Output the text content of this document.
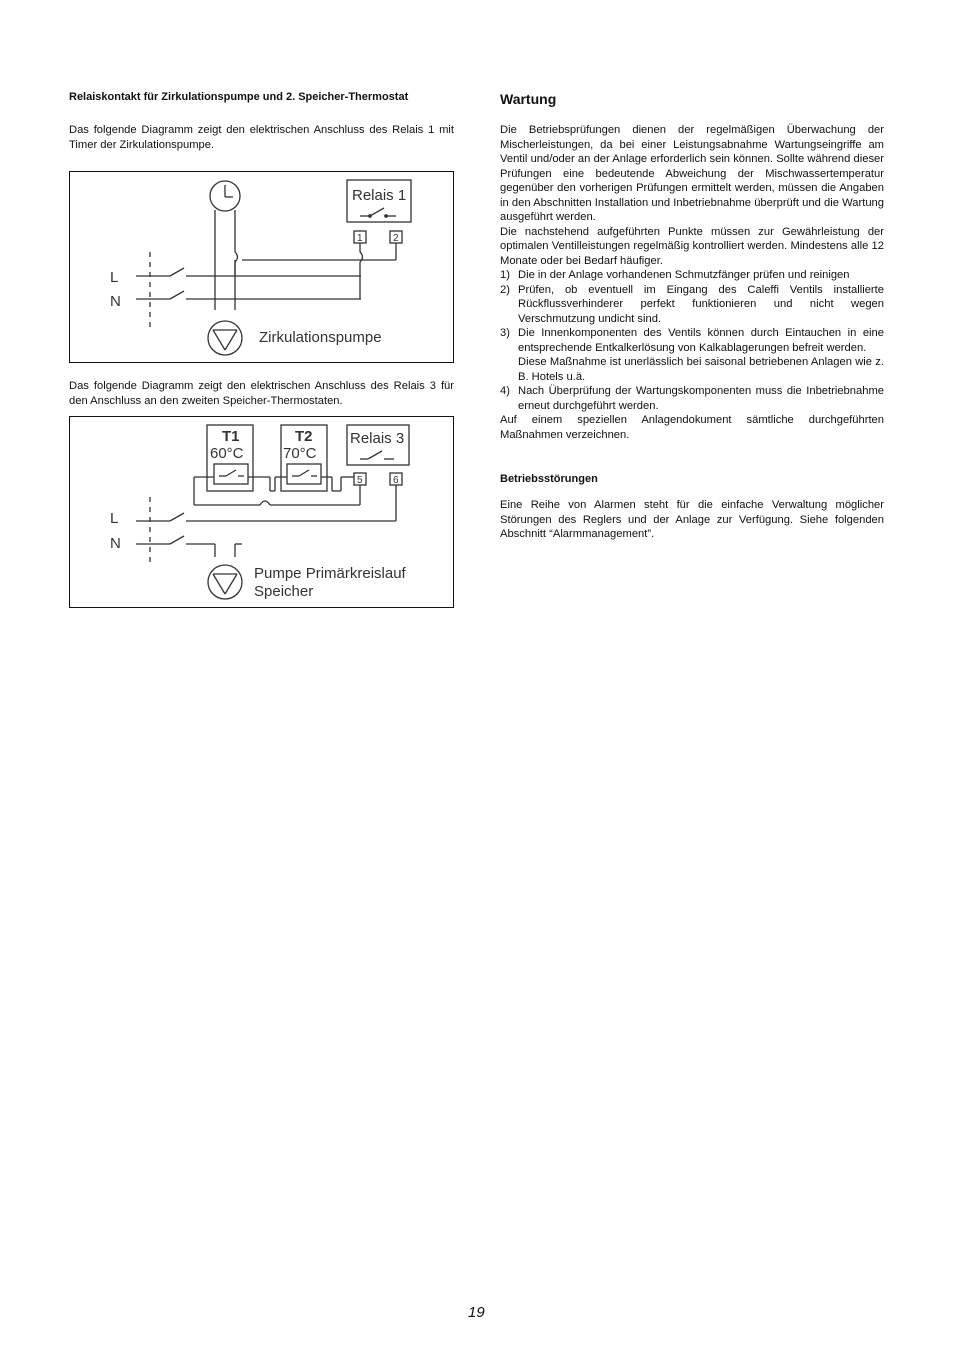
Relaiskontakt für Zirkulationspumpe und 2. Speicher-Thermostat

Das folgende Diagramm zeigt den elektrischen Anschluss des Relais 1 mit Timer der Zirkulationspumpe.

Relais 1
1	2
L
N
Zirkulationspumpe

Das folgende Diagramm zeigt den elektrischen Anschluss des Relais 3 für den Anschluss an den zweiten Speicher-Thermostaten.

T1
60°C
T2
70°C
Relais 3
5	6
L
N
Pumpe Primärkreislauf
Speicher

Wartung

Die Betriebsprüfungen dienen der regelmäßigen Überwachung der Mischerleistungen, da bei einer Leistungsabnahme Wartungseingriffe am Ventil und/oder an der Anlage erforderlich sein können. Sollte während dieser Prüfungen eine bedeutende Abweichung der Mischwassertemperatur gegenüber den vorherigen Prüfungen ermittelt werden, müssen die Angaben in den Abschnitten Installation und Inbetriebnahme überprüft und die Wartung ausgeführt werden.

Die nachstehend aufgeführten Punkte müssen zur Gewährleistung der optimalen Ventilleistungen regelmäßig kontrolliert werden. Mindestens alle 12 Monate oder bei Bedarf häufiger.

1) Die in der Anlage vorhandenen Schmutzfänger prüfen und reinigen
2) Prüfen, ob eventuell im Eingang des Caleffi Ventils installierte Rückflussverhinderer perfekt funktionieren und nicht wegen Verschmutzung undicht sind.
3) Die Innenkomponenten des Ventils können durch Eintauchen in eine entsprechende Entkalkerlösung von Kalkablagerungen befreit werden.

Diese Maßnahme ist unerlässlich bei saisonal betriebenen Anlagen wie z. B. Hotels u.ä.

4) Nach Überprüfung der Wartungskomponenten muss die Inbetriebnahme erneut durchgeführt werden.

Auf einem speziellen Anlagendokument sämtliche durchgeführten Maßnahmen verzeichnen.

Betriebsstörungen

Eine Reihe von Alarmen steht für die einfache Verwaltung möglicher Störungen des Reglers und der Anlage zur Verfügung. Siehe folgenden Abschnitt “Alarmmanagement”.

19
